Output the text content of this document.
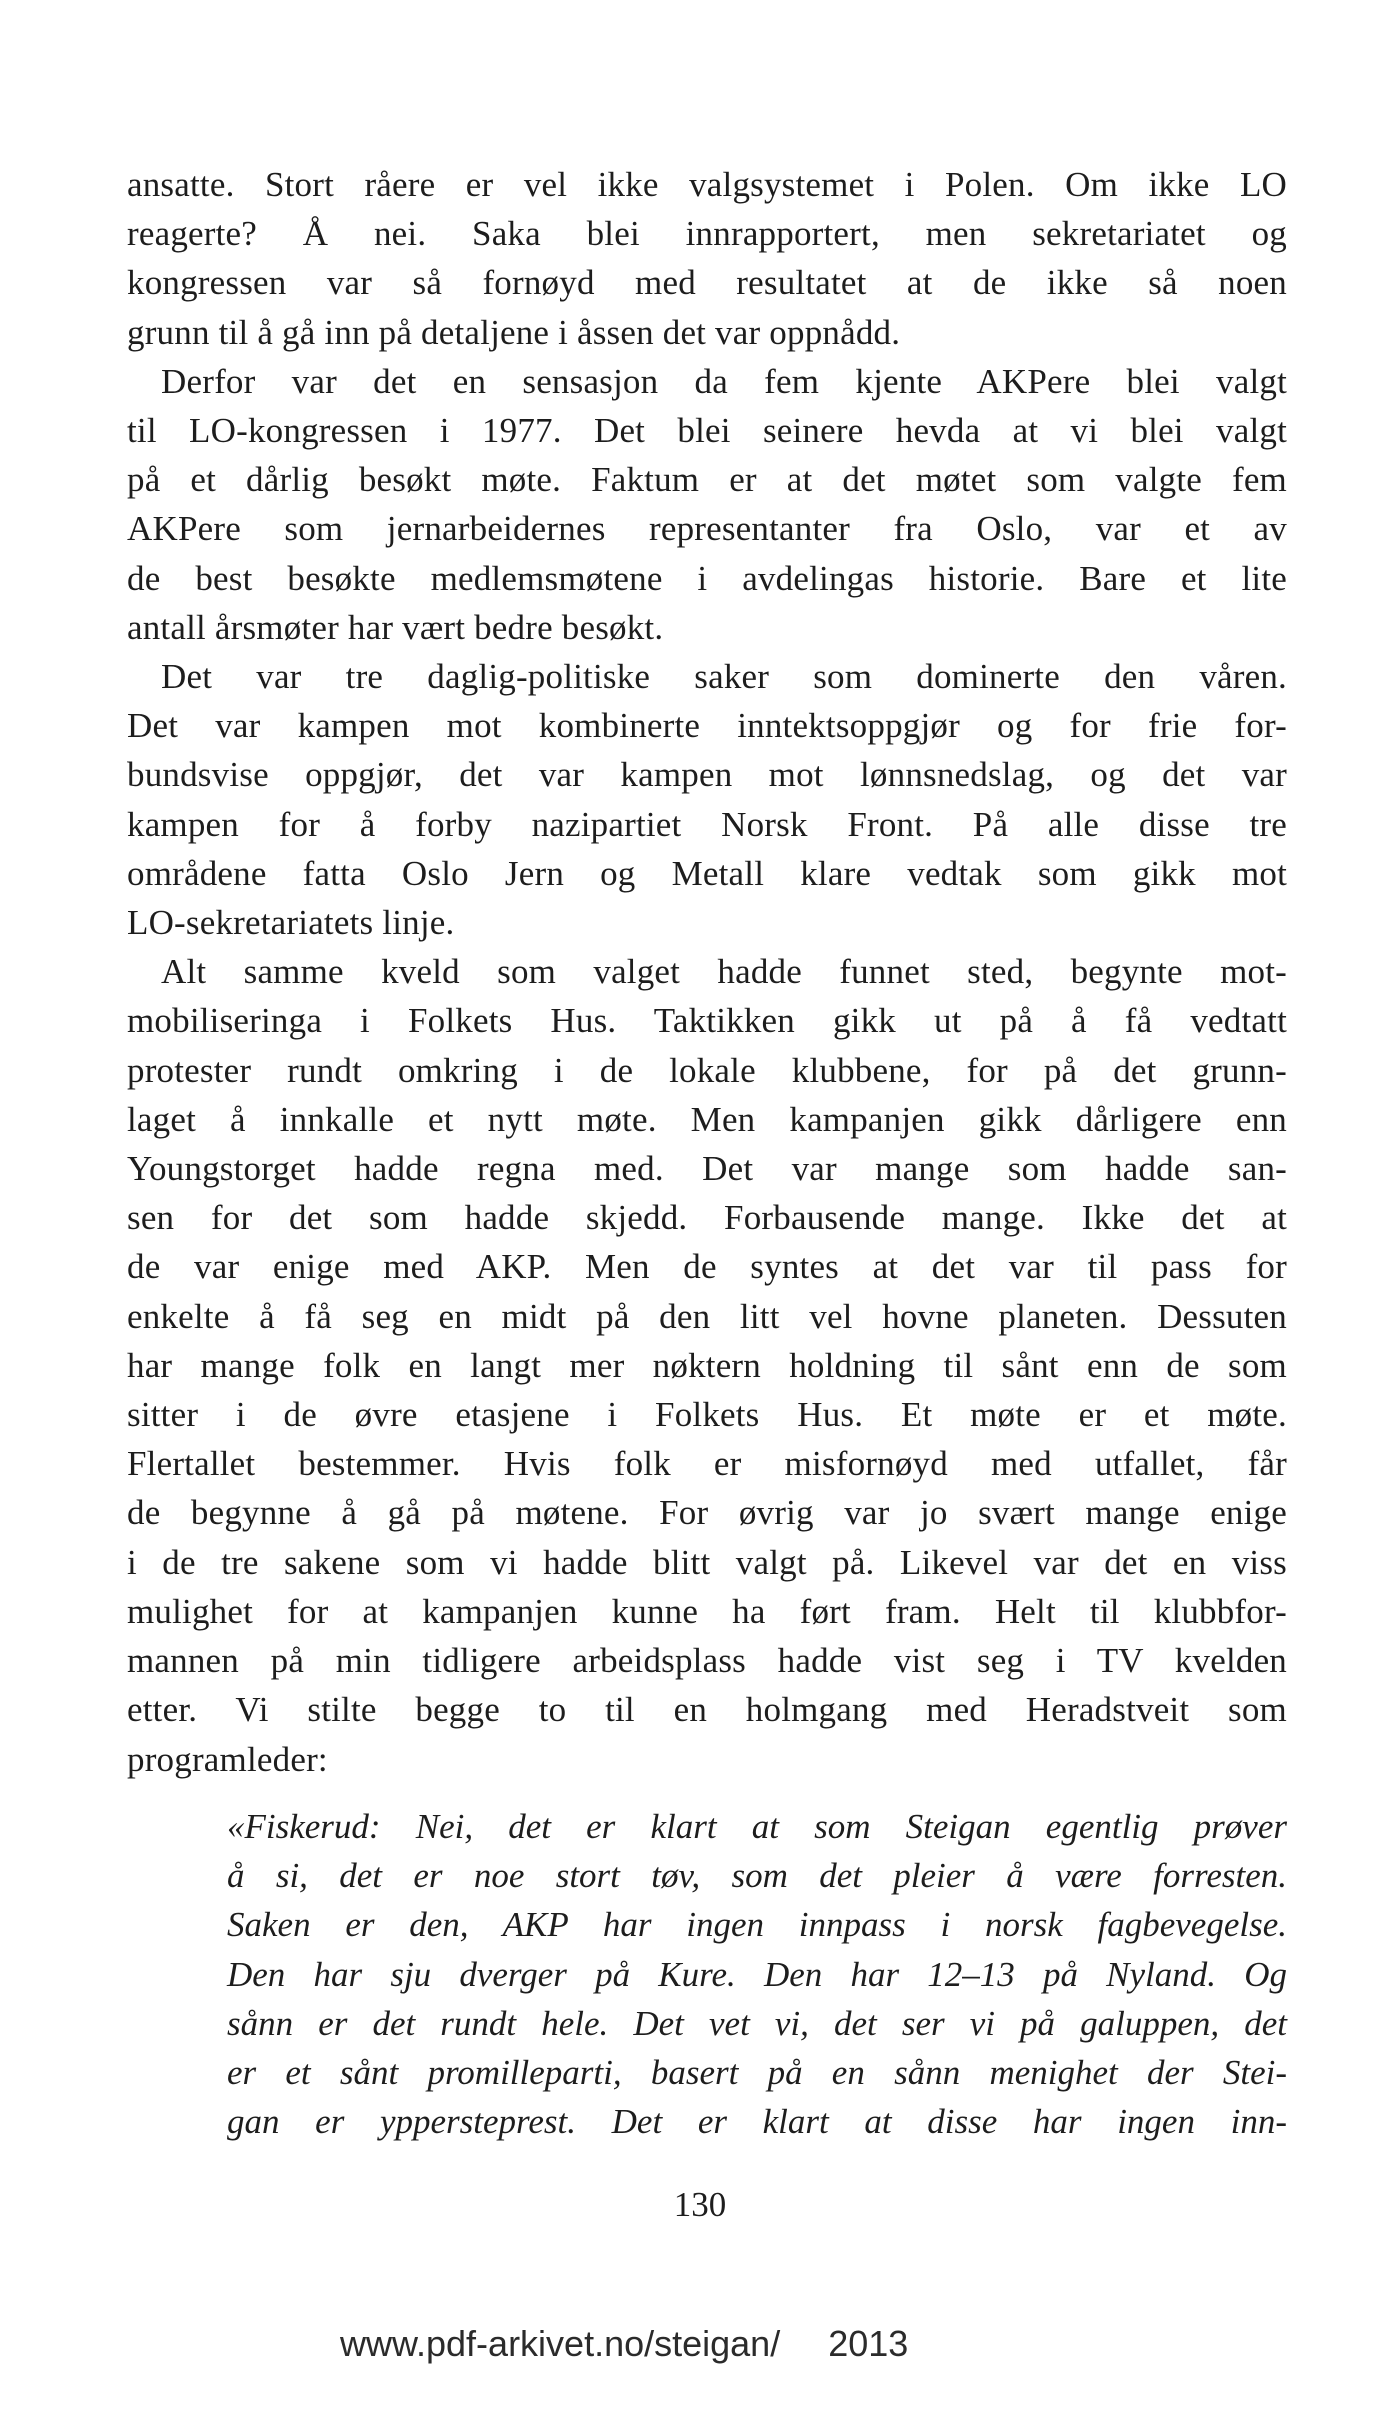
ansatte. Stort råere er vel ikke valgsystemet i Polen. Om ikke LO
reagerte? Å nei. Saka blei innrapportert, men sekretariatet og
kongressen var så fornøyd med resultatet at de ikke så noen
grunn til å gå inn på detaljene i åssen det var oppnådd.
Derfor var det en sensasjon da fem kjente AKPere blei valgt
til LO-kongressen i 1977. Det blei seinere hevda at vi blei valgt
på et dårlig besøkt møte. Faktum er at det møtet som valgte fem
AKPere som jernarbeidernes representanter fra Oslo, var et av
de best besøkte medlemsmøtene i avdelingas historie. Bare et lite
antall årsmøter har vært bedre besøkt.
Det var tre daglig-politiske saker som dominerte den våren.
Det var kampen mot kombinerte inntektsoppgjør og for frie for-
bundsvise oppgjør, det var kampen mot lønnsnedslag, og det var
kampen for å forby nazipartiet Norsk Front. På alle disse tre
områdene fatta Oslo Jern og Metall klare vedtak som gikk mot
LO-sekretariatets linje.
Alt samme kveld som valget hadde funnet sted, begynte mot-
mobiliseringa i Folkets Hus. Taktikken gikk ut på å få vedtatt
protester rundt omkring i de lokale klubbene, for på det grunn-
laget å innkalle et nytt møte. Men kampanjen gikk dårligere enn
Youngstorget hadde regna med. Det var mange som hadde san-
sen for det som hadde skjedd. Forbausende mange. Ikke det at
de var enige med AKP. Men de syntes at det var til pass for
enkelte å få seg en midt på den litt vel hovne planeten. Dessuten
har mange folk en langt mer nøktern holdning til sånt enn de som
sitter i de øvre etasjene i Folkets Hus. Et møte er et møte.
Flertallet bestemmer. Hvis folk er misfornøyd med utfallet, får
de begynne å gå på møtene. For øvrig var jo svært mange enige
i de tre sakene som vi hadde blitt valgt på. Likevel var det en viss
mulighet for at kampanjen kunne ha ført fram. Helt til klubbfor-
mannen på min tidligere arbeidsplass hadde vist seg i TV kvelden
etter. Vi stilte begge to til en holmgang med Heradstveit som
programleder:
«Fiskerud: Nei, det er klart at som Steigan egentlig prøver
å si, det er noe stort tøv, som det pleier å være forresten.
Saken er den, AKP har ingen innpass i norsk fagbevegelse.
Den har sju dverger på Kure. Den har 12–13 på Nyland. Og
sånn er det rundt hele. Det vet vi, det ser vi på galuppen, det
er et sånt promilleparti, basert på en sånn menighet der Stei-
gan er yppersteprest. Det er klart at disse har ingen inn-
130
www.pdf-arkivet.no/steigan/ 2013
